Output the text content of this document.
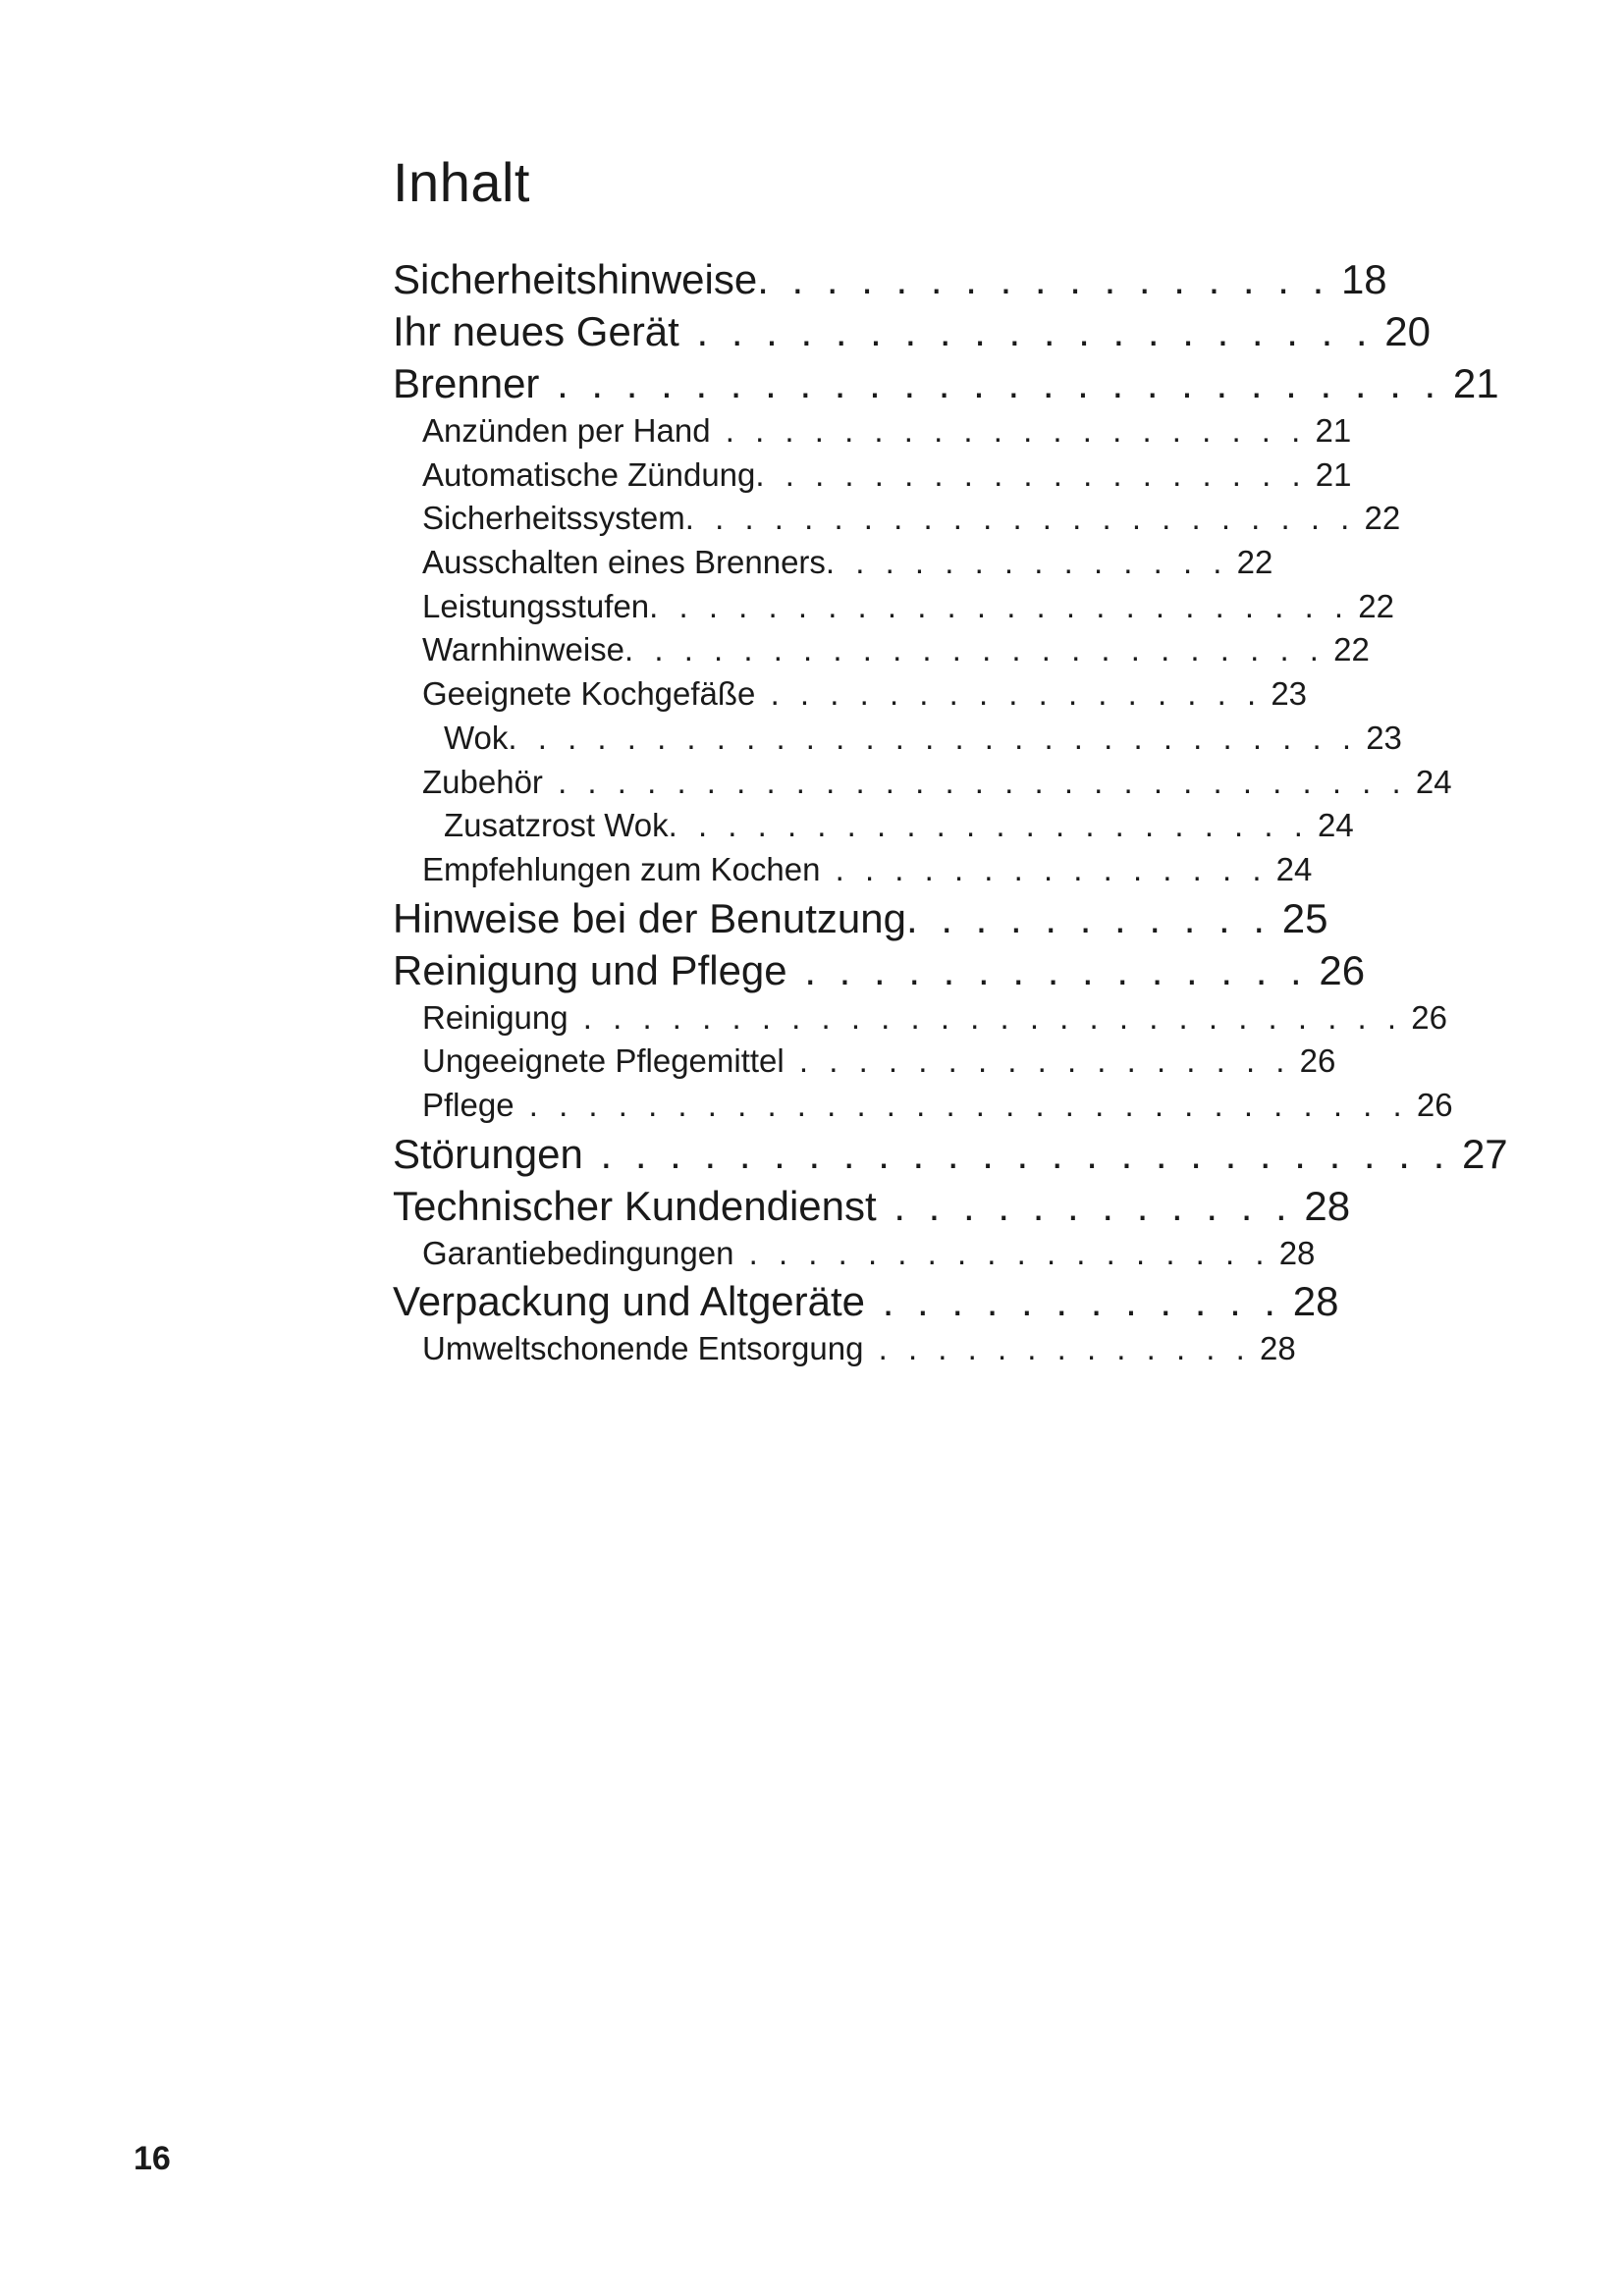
Inhalt
Sicherheitshinweise. . . . . . . . . . . . . . . . . 18
Ihr neues Gerät . . . . . . . . . . . . . . . . . . . . 20
Brenner . . . . . . . . . . . . . . . . . . . . . . . . . . 21
Anzünden per Hand . . . . . . . . . . . . . . . . . . . . 21
Automatische Zündung. . . . . . . . . . . . . . . . . . . 21
Sicherheitssystem. . . . . . . . . . . . . . . . . . . . . . . 22
Ausschalten eines Brenners. . . . . . . . . . . . . . 22
Leistungsstufen. . . . . . . . . . . . . . . . . . . . . . . . 22
Warnhinweise. . . . . . . . . . . . . . . . . . . . . . . . 22
Geeignete Kochgefäße . . . . . . . . . . . . . . . . . 23
Wok. . . . . . . . . . . . . . . . . . . . . . . . . . . . . 23
Zubehör . . . . . . . . . . . . . . . . . . . . . . . . . . . . . 24
Zusatzrost Wok. . . . . . . . . . . . . . . . . . . . . . 24
Empfehlungen zum Kochen . . . . . . . . . . . . . . . 24
Hinweise bei der Benutzung. . . . . . . . . . . 25
Reinigung und Pflege . . . . . . . . . . . . . . . 26
Reinigung . . . . . . . . . . . . . . . . . . . . . . . . . . . . 26
Ungeeignete Pflegemittel . . . . . . . . . . . . . . . . . 26
Pflege . . . . . . . . . . . . . . . . . . . . . . . . . . . . . . 26
Störungen . . . . . . . . . . . . . . . . . . . . . . . . . 27
Technischer Kundendienst . . . . . . . . . . . . 28
Garantiebedingungen . . . . . . . . . . . . . . . . . . 28
Verpackung und Altgeräte . . . . . . . . . . . . 28
Umweltschonende Entsorgung . . . . . . . . . . . . . 28

16
